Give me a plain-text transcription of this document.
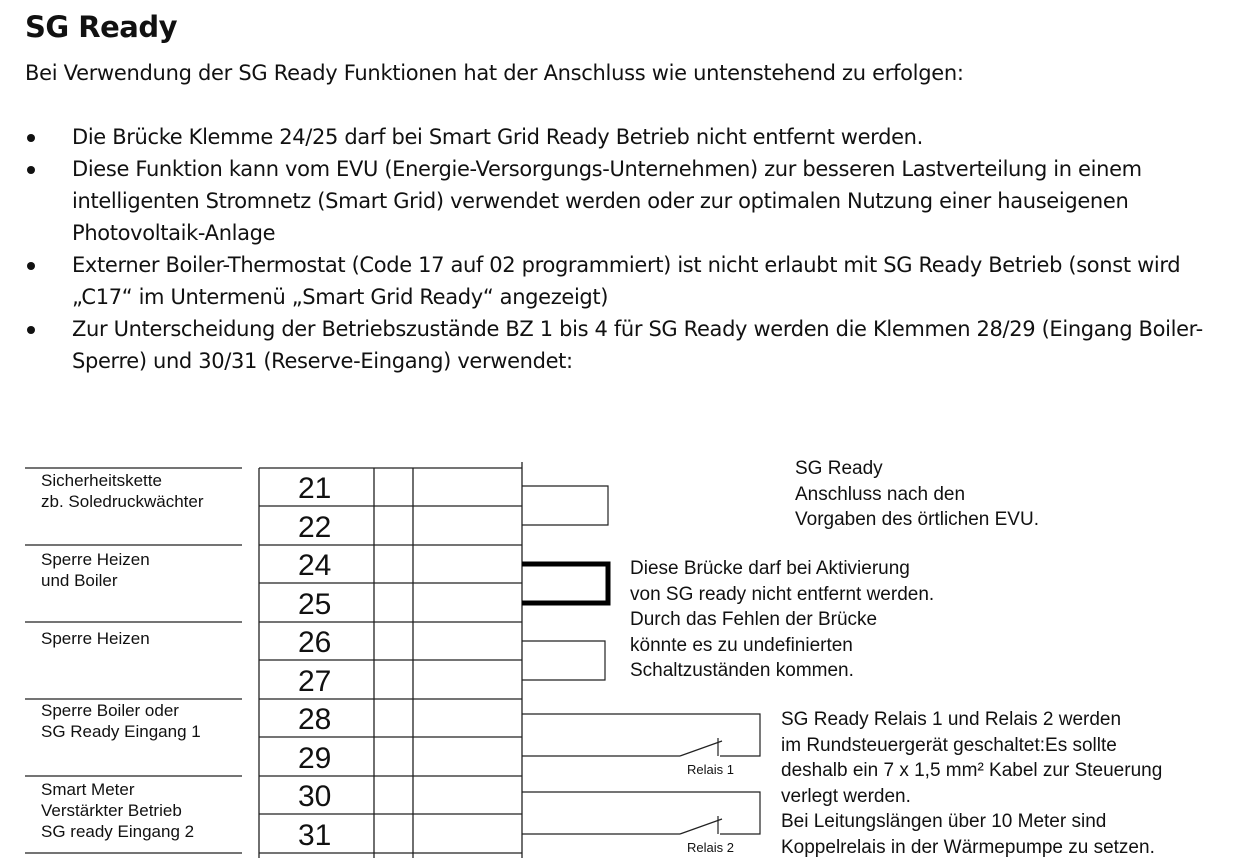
SG Ready

Bei Verwendung der SG Ready Funktionen hat der Anschluss wie untenstehend zu erfolgen:

Die Brücke Klemme 24/25 darf bei Smart Grid Ready Betrieb nicht entfernt werden.
Diese Funktion kann vom EVU (Energie-Versorgungs-Unternehmen) zur besseren Lastverteilung in einem intelligenten Stromnetz (Smart Grid) verwendet werden oder zur optimalen Nutzung einer hauseigenen Photovoltaik-Anlage
Externer Boiler-Thermostat (Code 17 auf 02 programmiert) ist nicht erlaubt mit SG Ready Betrieb (sonst wird „C17“ im Untermenü „Smart Grid Ready“ angezeigt)
Zur Unterscheidung der Betriebszustände BZ 1 bis 4 für SG Ready werden die Klemmen 28/29 (Eingang Boiler-Sperre) und 30/31 (Reserve-Eingang) verwendet:
21
22
24
25
26
27
28
29
30
31
Sicherheitskette
zb. Soledruckwächter
Sperre Heizen
und Boiler
Sperre Heizen
Sperre Boiler oder
SG Ready Eingang 1
Smart Meter
Verstärkter Betrieb
SG ready Eingang 2
SG Ready
Anschluss nach den
Vorgaben des örtlichen EVU.
Diese Brücke darf bei Aktivierung
von SG ready nicht entfernt werden.
Durch das Fehlen der Brücke
könnte es zu undefinierten
Schaltzuständen kommen.
SG Ready Relais 1 und Relais 2 werden
im Rundsteuergerät geschaltet:Es sollte
deshalb ein 7 x 1,5 mm² Kabel zur Steuerung
verlegt werden.
Bei Leitungslängen über 10 Meter sind
Koppelrelais in der Wärmepumpe zu setzen.
Relais 1
Relais 2
